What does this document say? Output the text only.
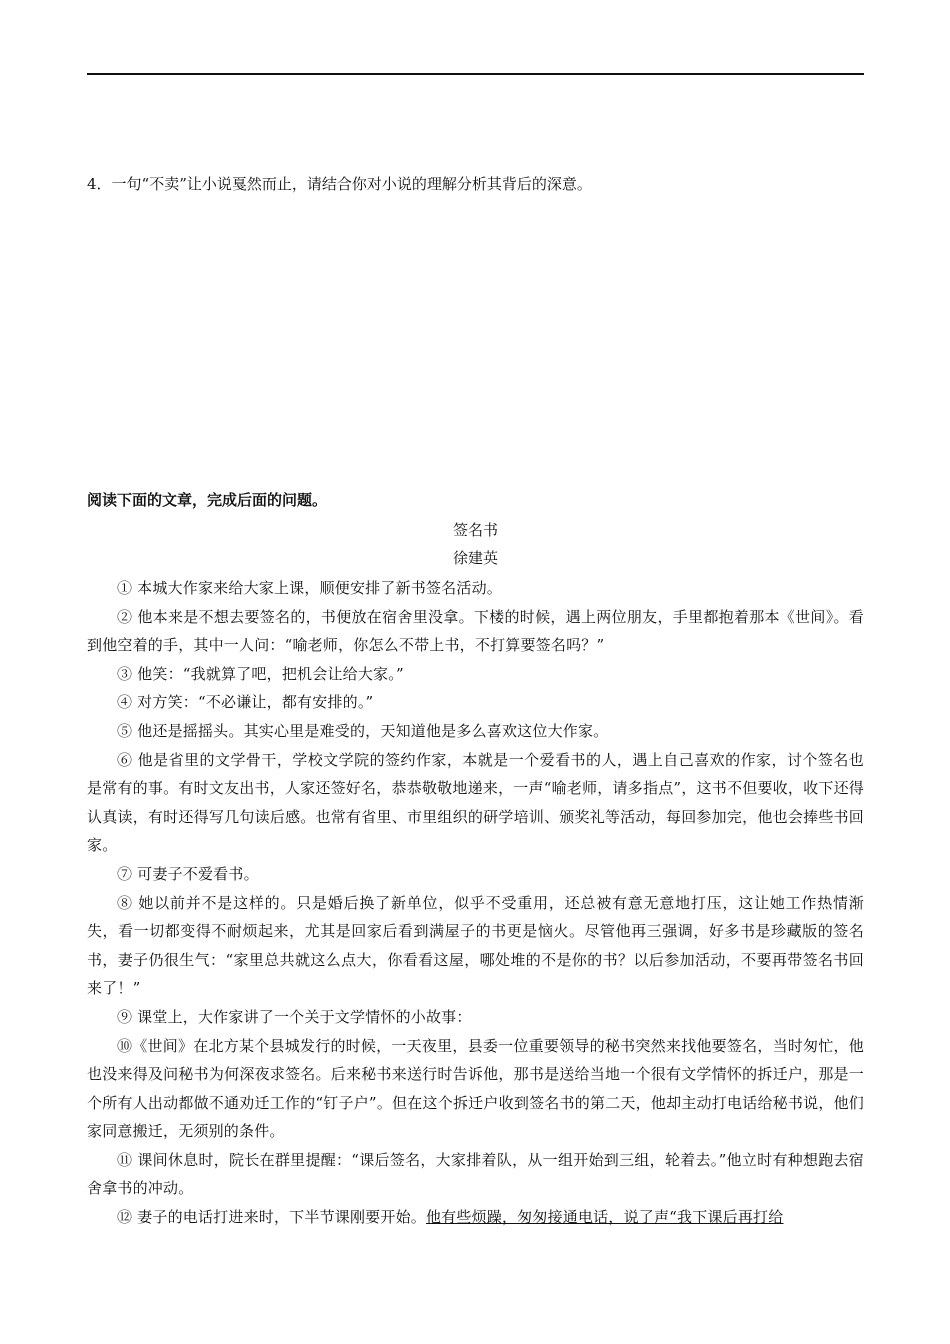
4．一句“不卖”让小说戛然而止，请结合你对小说的理解分析其背后的深意。
阅读下面的文章，完成后面的问题。
签名书
徐建英

① 本城大作家来给大家上课，顺便安排了新书签名活动。

② 他本来是不想去要签名的，书便放在宿舍里没拿。下楼的时候，遇上两位朋友，手里都抱着那本《世间》。看到他空着的手，其中一人问：“喻老师，你怎么不带上书，不打算要签名吗？”

③ 他笑：“我就算了吧，把机会让给大家。”

④ 对方笑：“不必谦让，都有安排的。”

⑤ 他还是摇摇头。其实心里是难受的，天知道他是多么喜欢这位大作家。

⑥ 他是省里的文学骨干，学校文学院的签约作家，本就是一个爱看书的人，遇上自己喜欢的作家，讨个签名也是常有的事。有时文友出书，人家还签好名，恭恭敬敬地递来，一声“喻老师，请多指点”，这书不但要收，收下还得认真读，有时还得写几句读后感。也常有省里、市里组织的研学培训、颁奖礼等活动，每回参加完，他也会捧些书回家。

⑦ 可妻子不爱看书。

⑧ 她以前并不是这样的。只是婚后换了新单位，似乎不受重用，还总被有意无意地打压，这让她工作热情渐失，看一切都变得不耐烦起来，尤其是回家后看到满屋子的书更是恼火。尽管他再三强调，好多书是珍藏版的签名书，妻子仍很生气：“家里总共就这么点大，你看看这屋，哪处堆的不是你的书？以后参加活动，不要再带签名书回来了！”

⑨ 课堂上，大作家讲了一个关于文学情怀的小故事：

⑩《世间》在北方某个县城发行的时候，一天夜里，县委一位重要领导的秘书突然来找他要签名，当时匆忙，他也没来得及问秘书为何深夜求签名。后来秘书来送行时告诉他，那书是送给当地一个很有文学情怀的拆迁户，那是一个所有人出动都做不通劝迁工作的“钉子户”。但在这个拆迁户收到签名书的第二天，他却主动打电话给秘书说，他们家同意搬迁，无须别的条件。

⑪ 课间休息时，院长在群里提醒：“课后签名，大家排着队，从一组开始到三组，轮着去。”他立时有种想跑去宿舍拿书的冲动。

⑫ 妻子的电话打进来时，下半节课刚要开始。他有些烦躁，匆匆接通电话，说了声“我下课后再打给
